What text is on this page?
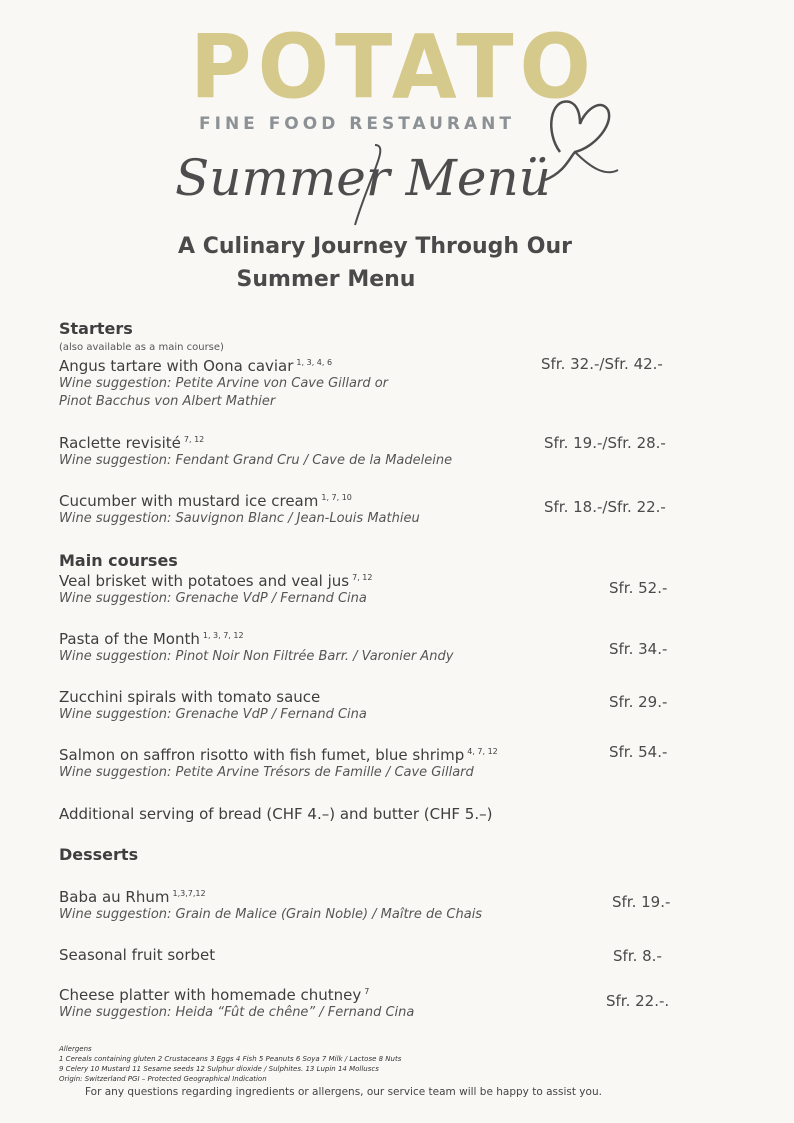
POTATO
FINE FOOD RESTAURANT
Summer Menü
A Culinary Journey Through Our
Summer Menu
Starters
(also available as a main course)
Angus tartare with Oona caviar $^{1, 3, 4, 6}$
Wine suggestion: Petite Arvine von Cave Gillard or
Pinot Bacchus von Albert Mathier
Sfr. 32.-/Sfr. 42.-
Raclette revisité $^{7, 12}$
Wine suggestion: Fendant Grand Cru / Cave de la Madeleine
Sfr. 19.-/Sfr. 28.-
Cucumber with mustard ice cream $^{1, 7, 10}$
Wine suggestion: Sauvignon Blanc / Jean-Louis Mathieu
Sfr. 18.-/Sfr. 22.-
Main courses
Veal brisket with potatoes and veal jus $^{7, 12}$
Wine suggestion: Grenache VdP / Fernand Cina
Sfr. 52.-
Pasta of the Month $^{1, 3, 7, 12}$
Wine suggestion: Pinot Noir Non Filtrée Barr. / Varonier Andy	Sfr. 34.-
Zucchini spirals with tomato sauce
Wine suggestion: Grenache VdP / Fernand Cina
Sfr. 29.-
Salmon on saffron risotto with fish fumet, blue shrimp $^{4, 7, 12}$
Wine suggestion: Petite Arvine Trésors de Famille / Cave Gillard
Sfr. 54.-
Additional serving of bread (CHF 4.–) and butter (CHF 5.–)
Desserts
Baba au Rhum $^{1,3,7,12}$
Wine suggestion: Grain de Malice (Grain Noble) / Maître de Chais
Sfr. 19.-
Seasonal fruit sorbet	Sfr. 8.-
Cheese platter with homemade chutney $^7$
Wine suggestion: Heida “Fût de chêne” / Fernand Cina
Sfr. 22.-.
Allergens
1 Cereals containing gluten 2 Crustaceans 3 Eggs 4 Fish 5 Peanuts 6 Soya 7 Milk / Lactose 8 Nuts
9 Celery 10 Mustard 11 Sesame seeds 12 Sulphur dioxide / Sulphites. 13 Lupin 14 Molluscs
Origin: Switzerland PGI – Protected Geographical Indication
For any questions regarding ingredients or allergens, our service team will be happy to assist you.
